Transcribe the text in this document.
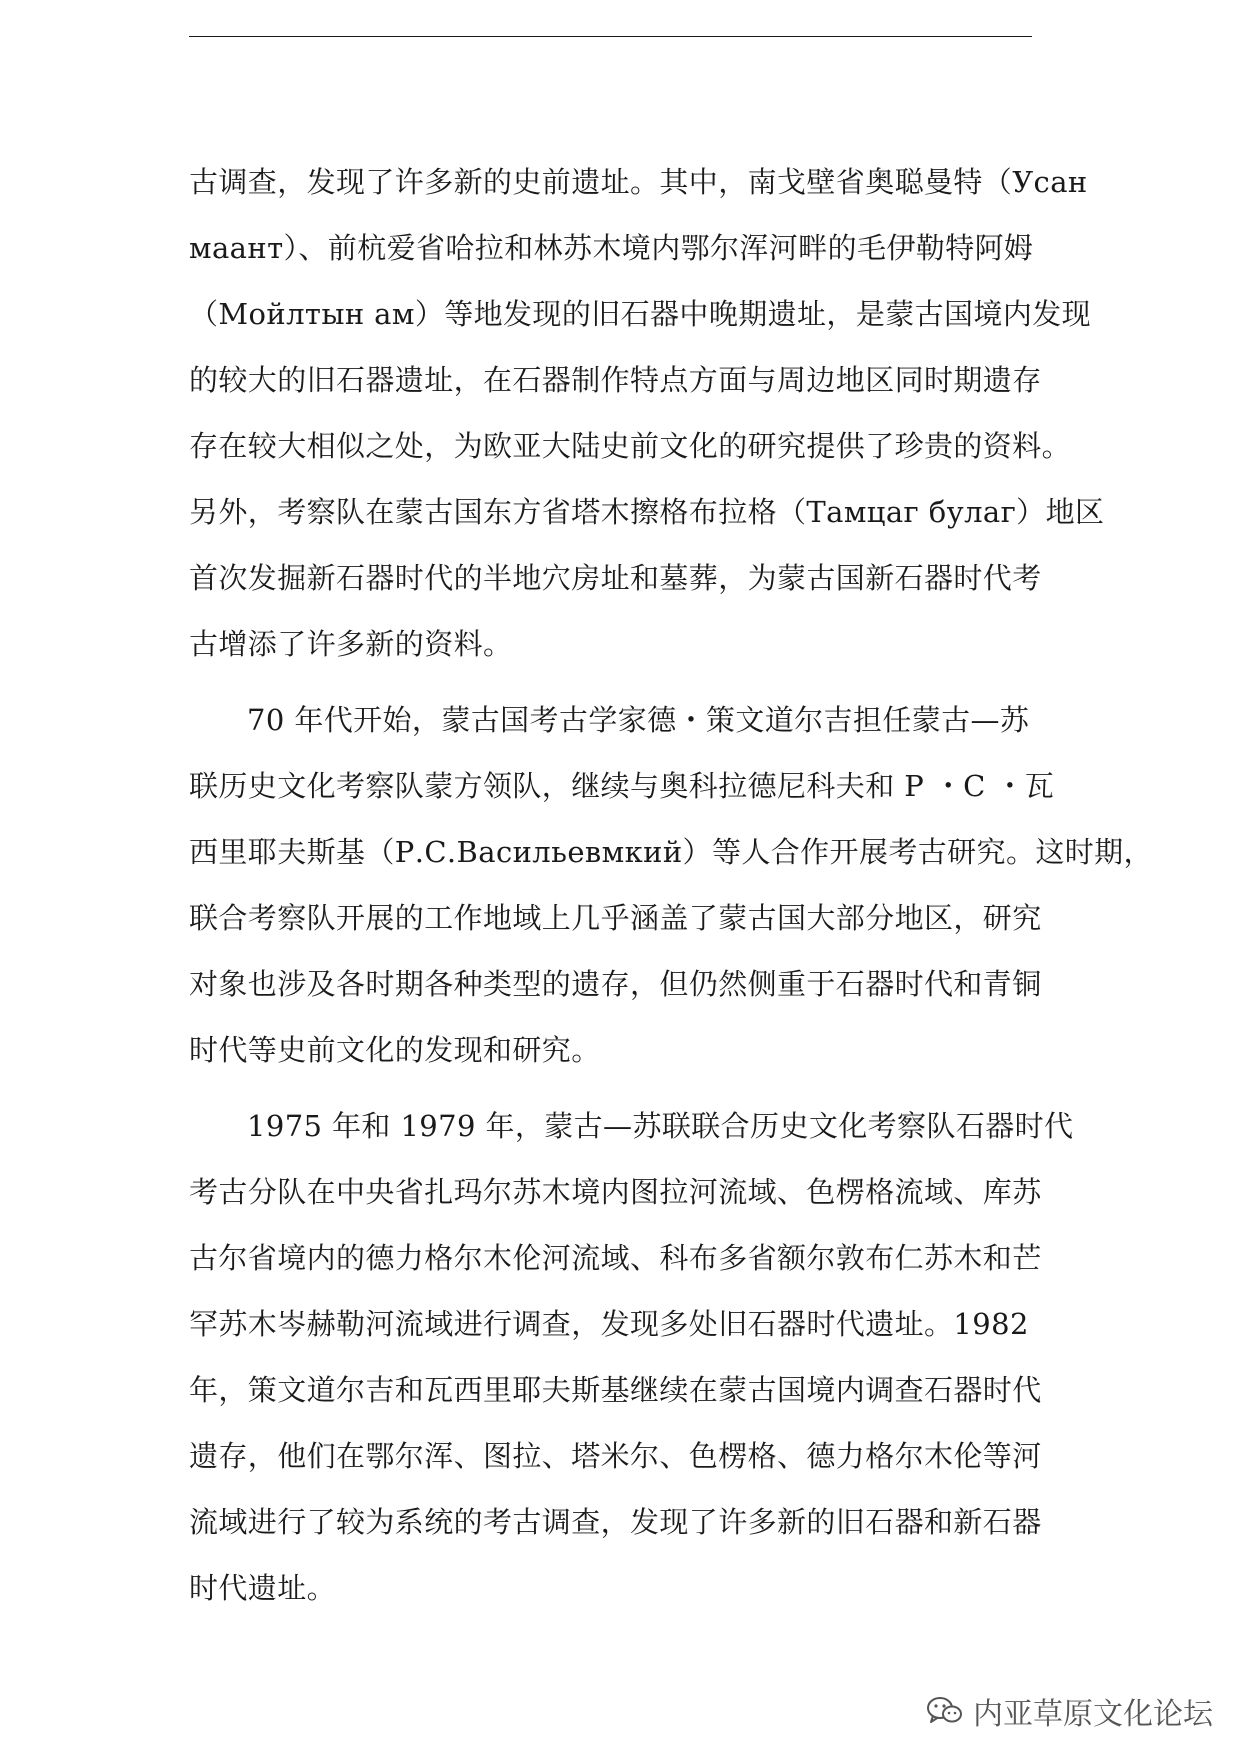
古调查，发现了许多新的史前遗址。其中，南戈壁省奥聪曼特（Усан
маант）、前杭爱省哈拉和林苏木境内鄂尔浑河畔的毛伊勒特阿姆
（Мойлтын ам）等地发现的旧石器中晚期遗址，是蒙古国境内发现
的较大的旧石器遗址，在石器制作特点方面与周边地区同时期遗存
存在较大相似之处，为欧亚大陆史前文化的研究提供了珍贵的资料。
另外，考察队在蒙古国东方省塔木擦格布拉格（Тамцаг булаг）地区
首次发掘新石器时代的半地穴房址和墓葬，为蒙古国新石器时代考
古增添了许多新的资料。
70 年代开始，蒙古国考古学家德・策文道尔吉担任蒙古—苏
联历史文化考察队蒙方领队，继续与奥科拉德尼科夫和 Р ・С ・瓦
西里耶夫斯基（Р.С.Васильевмкий）等人合作开展考古研究。这时期，
联合考察队开展的工作地域上几乎涵盖了蒙古国大部分地区，研究
对象也涉及各时期各种类型的遗存，但仍然侧重于石器时代和青铜
时代等史前文化的发现和研究。
1975 年和 1979 年，蒙古—苏联联合历史文化考察队石器时代
考古分队在中央省扎玛尔苏木境内图拉河流域、色楞格流域、库苏
古尔省境内的德力格尔木伦河流域、科布多省额尔敦布仁苏木和芒
罕苏木岑赫勒河流域进行调查，发现多处旧石器时代遗址。1982
年，策文道尔吉和瓦西里耶夫斯基继续在蒙古国境内调查石器时代
遗存，他们在鄂尔浑、图拉、塔米尔、色楞格、德力格尔木伦等河
流域进行了较为系统的考古调查，发现了许多新的旧石器和新石器
时代遗址。
内亚草原文化论坛
